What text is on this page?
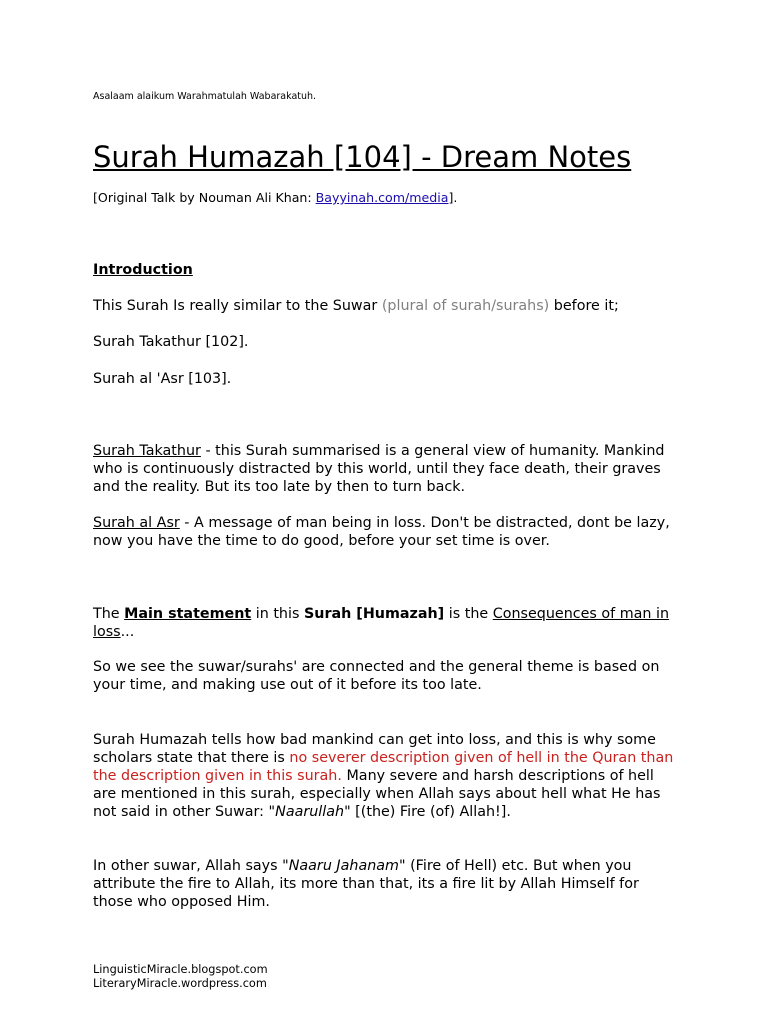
Asalaam alaikum Warahmatulah Wabarakatuh.
Surah Humazah [104] - Dream Notes
[Original Talk by Nouman Ali Khan: Bayyinah.com/media].
Introduction
This Surah Is really similar to the Suwar (plural of surah/surahs) before it;
Surah Takathur [102].
Surah al 'Asr [103].
Surah Takathur - this Surah summarised is a general view of humanity. Mankind who is continuously distracted by this world, until they face death, their graves and the reality. But its too late by then to turn back.
Surah al Asr - A message of man being in loss. Don't be distracted, dont be lazy, now you have the time to do good, before your set time is over.
The Main statement in this Surah [Humazah] is the Consequences of man in loss...
So we see the suwar/surahs' are connected and the general theme is based on your time, and making use out of it before its too late.
Surah Humazah tells how bad mankind can get into loss, and this is why some scholars state that there is no severer description given of hell in the Quran than the description given in this surah. Many severe and harsh descriptions of hell are mentioned in this surah, especially when Allah says about hell what He has not said in other Suwar: "Naarullah" [(the) Fire (of) Allah!].
In other suwar, Allah says "Naaru Jahanam" (Fire of Hell) etc. But when you attribute the fire to Allah, its more than that, its a fire lit by Allah Himself for those who opposed Him.
LinguisticMiracle.blogspot.com
LiteraryMiracle.wordpress.com
